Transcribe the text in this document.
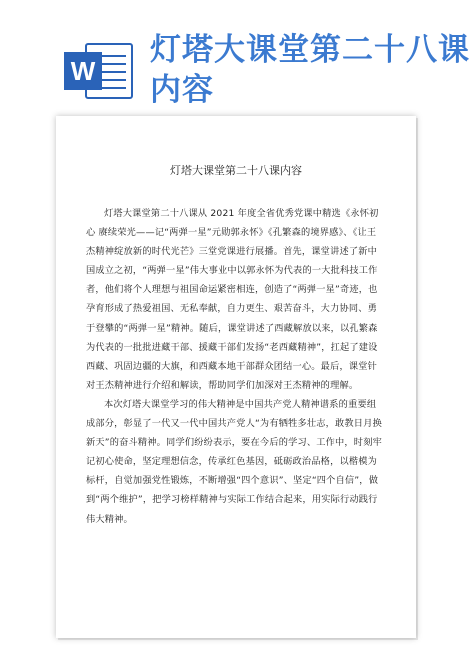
W
灯塔大课堂第二十八课内容
灯塔大课堂第二十八课内容

灯塔大课堂第二十八课从 2021 年度全省优秀党课中精选《永怀初心 赓续荣光——记“两弹一星”元勋郭永怀》《孔繁森的境界感》、《让王杰精神绽放新的时代光芒》三堂党课进行展播。首先，课堂讲述了新中国成立之初，“两弹一星”伟大事业中以郭永怀为代表的一大批科技工作者，他们将个人理想与祖国命运紧密相连，创造了“两弹一星”奇迹，也孕育形成了热爱祖国、无私奉献，自力更生、艰苦奋斗，大力协同、勇于登攀的“两弹一星”精神。随后，课堂讲述了西藏解放以来，以孔繁森为代表的一批批进藏干部、援藏干部们发扬“老西藏精神”，扛起了建设西藏、巩固边疆的大旗，和西藏本地干部群众团结一心。最后，课堂针对王杰精神进行介绍和解读，帮助同学们加深对王杰精神的理解。

本次灯塔大课堂学习的伟大精神是中国共产党人精神谱系的重要组成部分，彰显了一代又一代中国共产党人“为有牺牲多壮志，敢教日月换新天”的奋斗精神。同学们纷纷表示，要在今后的学习、工作中，时刻牢记初心使命，坚定理想信念，传承红色基因，砥砺政治品格，以楷模为标杆，自觉加强党性锻炼，不断增强“四个意识”、坚定“四个自信”，做到“两个维护”，把学习榜样精神与实际工作结合起来，用实际行动践行伟大精神。
